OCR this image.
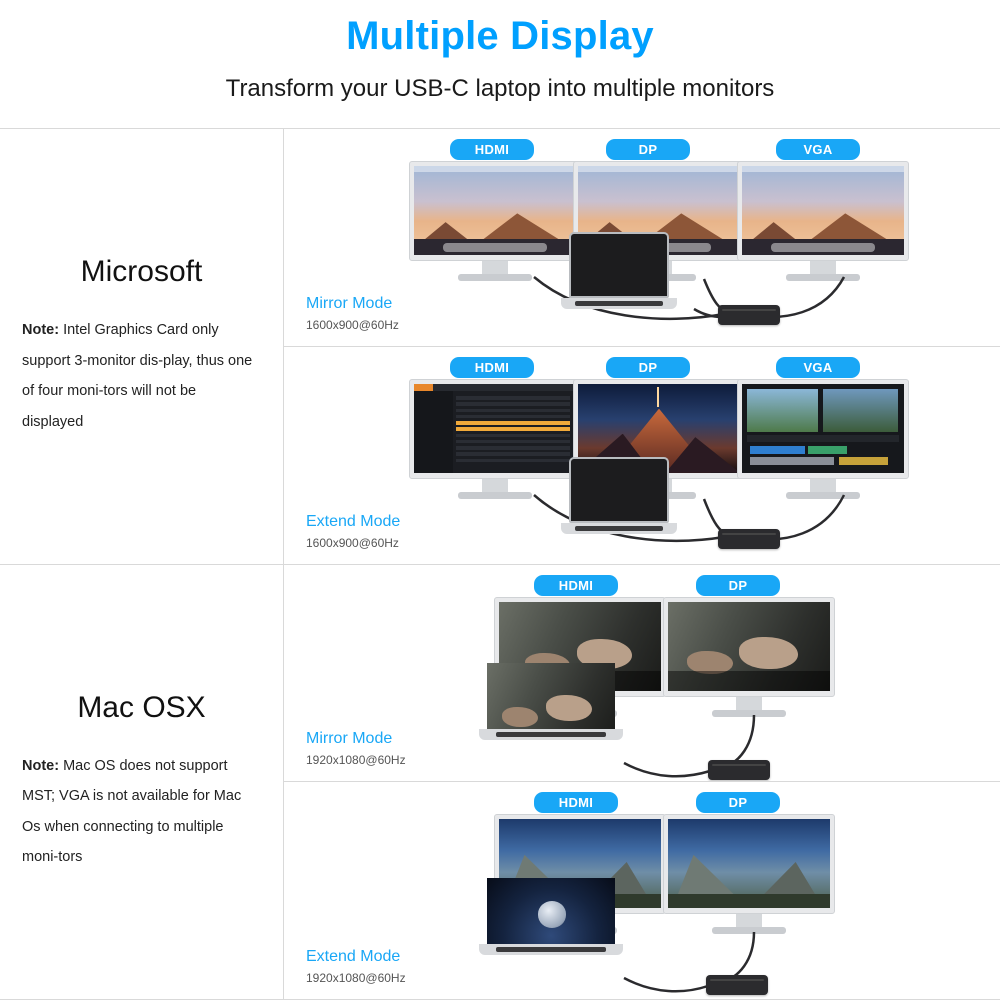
Multiple Display
Transform your USB-C laptop into multiple monitors
Microsoft
Note: Intel Graphics Card only support 3-monitor dis-play, thus one of four moni-tors will not be displayed
HDMI	DP	VGA
Mirror Mode
1600x900@60Hz
HDMI	DP	VGA
Extend Mode
1600x900@60Hz
Mac OSX
Note: Mac OS does not support MST; VGA is not available for Mac Os when connecting to multiple moni-tors
HDMI	DP
Mirror Mode
1920x1080@60Hz
HDMI	DP
Extend Mode
1920x1080@60Hz
